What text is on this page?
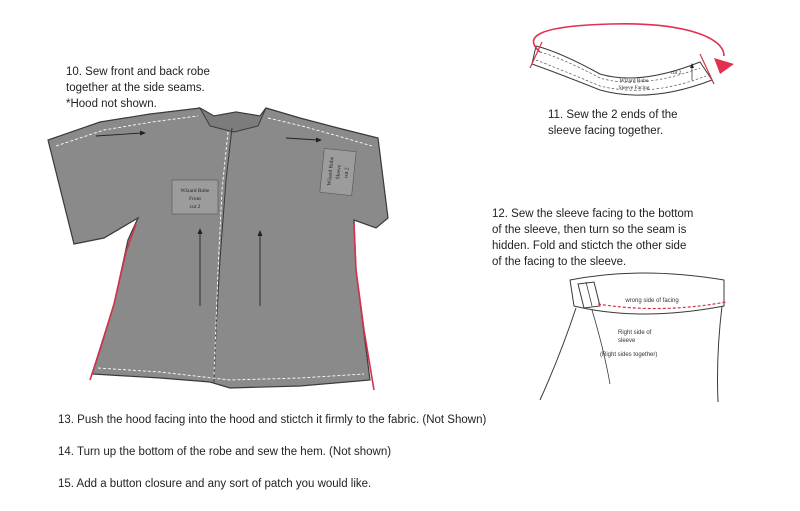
10. Sew front and back robe
together at the side seams.
*Hood not shown.
11. Sew the 2 ends of the
sleeve facing together.
12. Sew the sleeve facing to the bottom
of the sleeve, then turn so the seam is
hidden. Fold and stictch the other side
of the facing to the sleeve.
13. Push the hood facing into the hood and stictch it firmly to the fabric. (Not Shown)
14. Turn up the bottom of the robe and sew the hem. (Not shown)
15. Add a button closure and any sort of patch you would like.
Wizard Robe
Front
cut 2
Wizard Robe Sleeve cut 2
Wizard Robe
Sleeve Facing
cut 2
wrong side of facing
Right side of
sleeve
(Right sides together)
